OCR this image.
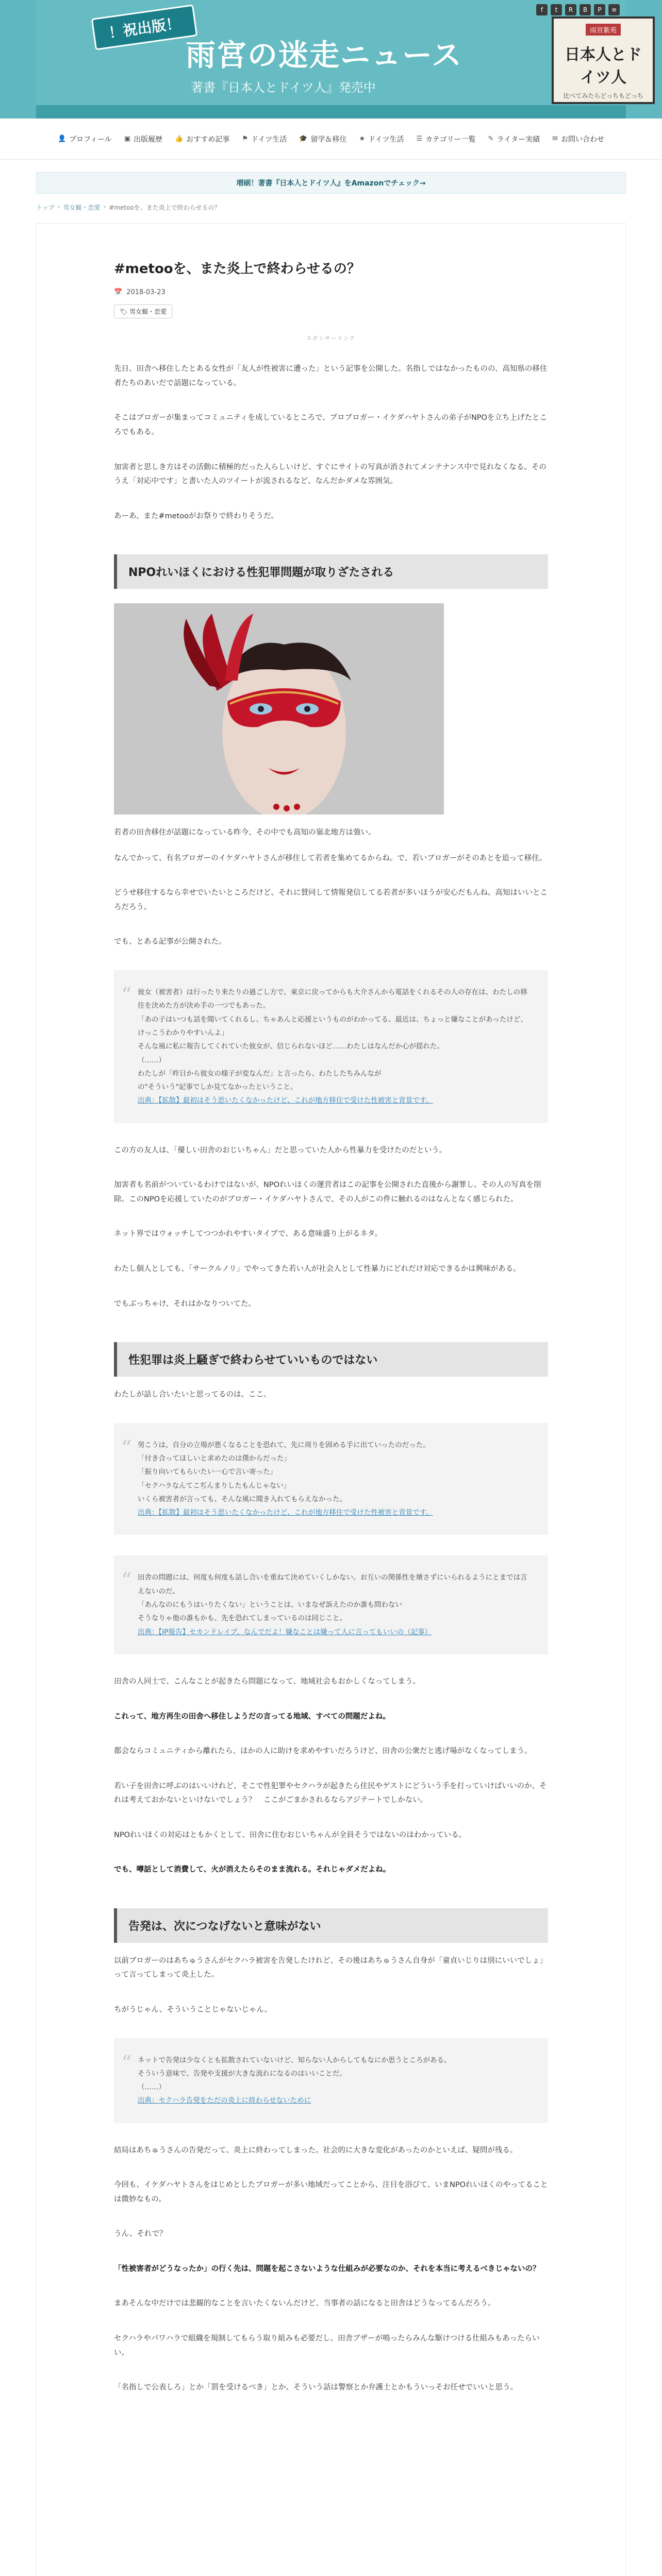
！祝出版！
雨宮の迷走ニュース
著書『日本人とドイツ人』発売中
雨宮紫苑
日本人とドイツ人
比べてみたらどっちもどっち
f	t	R	B	P	≡
👤 プロフィール ▣ 出版履歴 👍 おすすめ記事 ⚑ ドイツ生活 🎓 留学＆移住 ★ ドイツ生活 ☰ カテゴリー一覧 ✎ ライター実績 ✉ お問い合わせ
増刷！著書『日本人とドイツ人』をAmazonでチェック→
トップ › 男女観・恋愛 › #metooを、また炎上で終わらせるの？
#metooを、また炎上で終わらせるの？
📅 2018-03-23
🏷 男女観・恋愛
スポンサーリンク

先日、田舎へ移住したとある女性が「友人が性被害に遭った」という記事を公開した。名指しではなかったものの、高知県の移住者たちのあいだで話題になっている。

そこはブロガーが集まってコミュニティを成しているところで、プロブロガー・イケダハヤトさんの弟子がNPOを立ち上げたところでもある。

加害者と思しき方はその活動に積極的だった人らしいけど、すぐにサイトの写真が消されてメンテナンス中で見れなくなる。そのうえ「対応中です」と書いた人のツイートが流されるなど、なんだかダメな雰囲気。

あーあ、また#metooがお祭りで終わりそうだ。

NPOれいほくにおける性犯罪問題が取りざたされる

若者の田舎移住が話題になっている昨今、その中でも高知の嶺北地方は強い。

なんでかって、有名ブロガーのイケダハヤトさんが移住して若者を集めてるからね。で、若いブロガーがそのあとを追って移住。

どうせ移住するなら幸せでいたいところだけど、それに賛同して情報発信してる若者が多いほうが安心だもんね。高知はいいところだろう。

でも、とある記事が公開された。

“ 彼女（被害者）は行ったり来たりの過ごし方で、東京に戻ってからも大介さんから電話をくれるその人の存在は、わたしの移住を決めた方が決め手の一つでもあった。
「あの子はいつも話を聞いてくれるし、ちゃあんと応援というものがわかってる。最近は、ちょっと嫌なことがあったけど、けっこうわかりやすいんよ」
そんな風に私に報告してくれていた彼女が、信じられないほど……わたしはなんだか心が揺れた。
（……）
わたしが「昨日から彼女の様子が変なんだ」と言ったら、わたしたちみんなが
の"そういう"記事でしか見てなかったということ。
出典：【拡散】最初はそう思いたくなかったけど、これが地方移住で受けた性被害と背景です。

この方の友人は、「優しい田舎のおじいちゃん」だと思っていた人から性暴力を受けたのだという。

加害者も名前がついているわけではないが、NPOれいほくの運営者はこの記事を公開された直後から謝罪し、その人の写真を削除。このNPOを応援していたのがブロガー・イケダハヤトさんで、その人がこの件に触れるのはなんとなく感じられた。

ネット界ではウォッチしてつつかれやすいタイプで、ある意味盛り上がるネタ。

わたし個人としても、「サークルノリ」でやってきた若い人が社会人として性暴力にどれだけ対応できるかは興味がある。

でもぶっちゃけ、それはかなりついてた。

性犯罪は炎上騒ぎで終わらせていいものではない

わたしが話し合いたいと思ってるのは、ここ。

“ 男こうは、自分の立場が悪くなることを恐れて、先に周りを固める手に出ていったのだった。
「付き合ってほしいと求めたのは僕からだった」
「振り向いてもらいたい一心で言い寄った」
「セクハラなんてこぢんまりしたもんじゃない」
いくら被害者が言っても、そんな風に聞き入れてもらえなかった。
出典：【拡散】最初はそう思いたくなかったけど、これが地方移住で受けた性被害と背景です。
“ 田舎の問題には、何度も何度も話し合いを重ねて決めていくしかない。お互いの関係性を壊さずにいられるようにとまでは言えないのだ。
「あんなのにもうはいりたくない」ということは、いまなぜ訴えたのか誰も問わない
そうなりゃ他の誰もかも、先を恐れてしまっているのは同じこと。
出典：【IP報告】セカンドレイプ、なんでだよ！嫌なことは嫌って人に言ってもいいの（記事）

田舎の人同士で、こんなことが起きたら問題になって、地域社会もおかしくなってしまう。

これって、地方再生の田舎へ移住しようだの言ってる地域、すべての問題だよね。

都会ならコミュニティから離れたら、ほかの人に助けを求めやすいだろうけど、田舎の公衆だと逃げ場がなくなってしまう。

若い子を田舎に呼ぶのはいいけれど、そこで性犯罪やセクハラが起きたら住民やゲストにどういう手を打っていけばいいのか、それは考えておかないといけないでしょう？　ここがごまかされるならアジテートでしかない。

NPOれいほくの対応はともかくとして、田舎に住むおじいちゃんが全員そうではないのはわかっている。

でも、噂話として消費して、火が消えたらそのまま流れる。それじゃダメだよね。

告発は、次につなげないと意味がない

以前ブロガーのはあちゅうさんがセクハラ被害を告発したけれど、その後はあちゅうさん自身が「童貞いじりは別にいいでしょ」って言ってしまって炎上した。

ちがうじゃん、そういうことじゃないじゃん。

“ ネットで告発は少なくとも拡散されていないけど、知らない人からしてもなにか思うところがある。
そういう意味で、告発や支援が大きな流れになるのはいいことだ。
（……）
出典：セクハラ告発をただの炎上に終わらせないために

結局はあちゅうさんの告発だって、炎上に終わってしまった。社会的に大きな変化があったのかといえば、疑問が残る。

今回も、イケダハヤトさんをはじめとしたブロガーが多い地域だってことから、注目を浴びて、いまNPOれいほくのやってることは微妙なもの。

うん、それで？

「性被害者がどうなったか」の行く先は、問題を起こさないような仕組みが必要なのか、それを本当に考えるべきじゃないの？

まあそんな中だけでは悲観的なことを言いたくないんだけど、当事者の話になると田舎はどうなってるんだろう。

セクハラやパワハラで組織を規制してもらう取り組みも必要だし、田舎ブザーが鳴ったらみんな駆けつける仕組みもあったらいい。

「名指しで公表しろ」とか「罰を受けるべき」とか、そういう話は警察とか弁護士とかもういっそお任せでいいと思う。
